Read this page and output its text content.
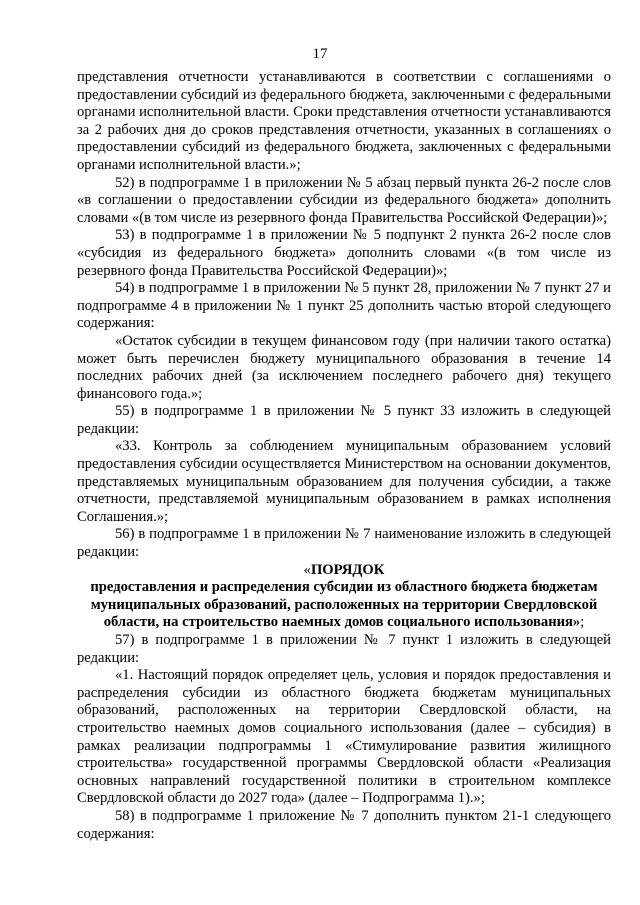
17

представления отчетности устанавливаются в соответствии с соглашениями о предоставлении субсидий из федерального бюджета, заключенными с федеральными органами исполнительной власти. Сроки представления отчетности устанавливаются за 2 рабочих дня до сроков представления отчетности, указанных в соглашениях о предоставлении субсидий из федерального бюджета, заключенных с федеральными органами исполнительной власти.»;

52) в подпрограмме 1 в приложении № 5 абзац первый пункта 26-2 после слов «в соглашении о предоставлении субсидии из федерального бюджета» дополнить словами «(в том числе из резервного фонда Правительства Российской Федерации)»;

53) в подпрограмме 1 в приложении № 5 подпункт 2 пункта 26-2 после слов «субсидия из федерального бюджета» дополнить словами «(в том числе из резервного фонда Правительства Российской Федерации)»;

54) в подпрограмме 1 в приложении № 5 пункт 28, приложении № 7 пункт 27 и подпрограмме 4 в приложении № 1 пункт 25 дополнить частью второй следующего содержания:

«Остаток субсидии в текущем финансовом году (при наличии такого остатка) может быть перечислен бюджету муниципального образования в течение 14 последних рабочих дней (за исключением последнего рабочего дня) текущего финансового года.»;

55) в подпрограмме 1 в приложении № 5 пункт 33 изложить в следующей редакции:

«33. Контроль за соблюдением муниципальным образованием условий предоставления субсидии осуществляется Министерством на основании документов, представляемых муниципальным образованием для получения субсидии, а также отчетности, представляемой муниципальным образованием в рамках исполнения Соглашения.»;

56) в подпрограмме 1 в приложении № 7 наименование изложить в следующей редакции:

«ПОРЯДОК

предоставления и распределения субсидии из областного бюджета бюджетам муниципальных образований, расположенных на территории Свердловской области, на строительство наемных домов социального использования»;

57) в подпрограмме 1 в приложении № 7 пункт 1 изложить в следующей редакции:

«1. Настоящий порядок определяет цель, условия и порядок предоставления и распределения субсидии из областного бюджета бюджетам муниципальных образований, расположенных на территории Свердловской области, на строительство наемных домов социального использования (далее – субсидия) в рамках реализации подпрограммы 1 «Стимулирование развития жилищного строительства» государственной программы Свердловской области «Реализация основных направлений государственной политики в строительном комплексе Свердловской области до 2027 года» (далее – Подпрограмма 1).»;

58) в подпрограмме 1 приложение № 7 дополнить пунктом 21-1 следующего содержания:
